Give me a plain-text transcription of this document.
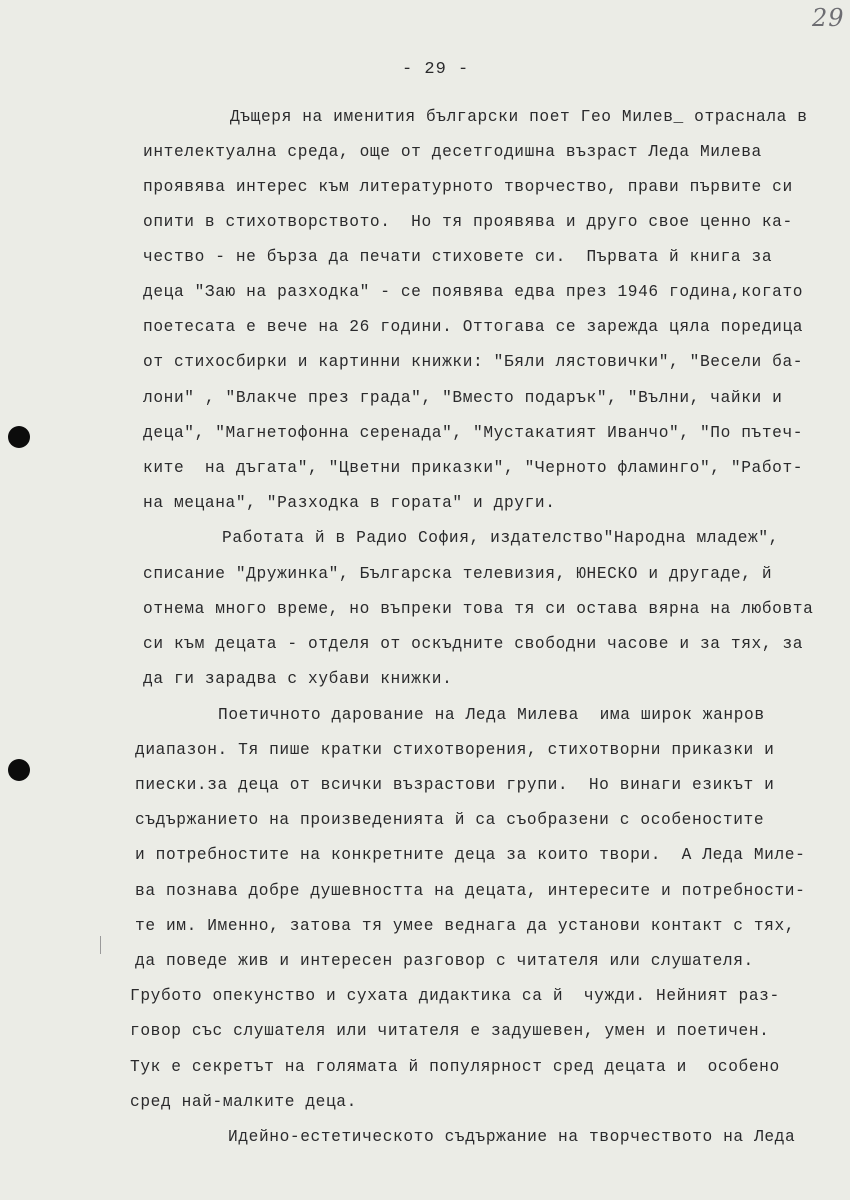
29
- 29 -
Дъщеря на именития български поет Гео Милев_ отраснала в
интелектуална среда, още от десетгодишна възраст Леда Милева
проявява интерес към литературното творчество, прави първите си
опити в стихотворството.  Но тя проявява и друго свое ценно ка-
чество - не бърза да печати стиховете си.  Първата й книга за
деца "Заю на разходка" - се появява едва през 1946 година,когато
поетесата е вече на 26 години. Оттогава се зарежда цяла поредица
от стихосбирки и картинни книжки: "Бяли лястовички", "Весели ба-
лони" , "Влакче през града", "Вместо подарък", "Вълни, чайки и
деца", "Магнетофонна серенада", "Мустакатият Иванчо", "По пътеч-
ките  на дъгата", "Цветни приказки", "Черното фламинго", "Работ-
на мецана", "Разходка в гората" и други.
Работата й в Радио София, издателство"Народна младеж",
списание "Дружинка", Българска телевизия, ЮНЕСКО и другаде, й
отнема много време, но въпреки това тя си остава вярна на любовта
си към децата - отделя от оскъдните свободни часове и за тях, за
да ги зарадва с хубави книжки.
Поетичното дарование на Леда Милева  има широк жанров
диапазон. Тя пише кратки стихотворения, стихотворни приказки и
пиески.за деца от всички възрастови групи.  Но винаги езикът и
съдържанието на произведенията й са съобразени с особеностите
и потребностите на конкретните деца за които твори.  А Леда Миле-
ва познава добре душевността на децата, интересите и потребности-
те им. Именно, затова тя умее веднага да установи контакт с тях,
да поведе жив и интересен разговор с читателя или слушателя.
Грубото опекунство и сухата дидактика са й  чужди. Нейният раз-
говор със слушателя или читателя е задушевен, умен и поетичен.
Тук е секретът на голямата й популярност сред децата и  особено
сред най-малките деца.
Идейно-естетическото съдържание на творчеството на Леда
